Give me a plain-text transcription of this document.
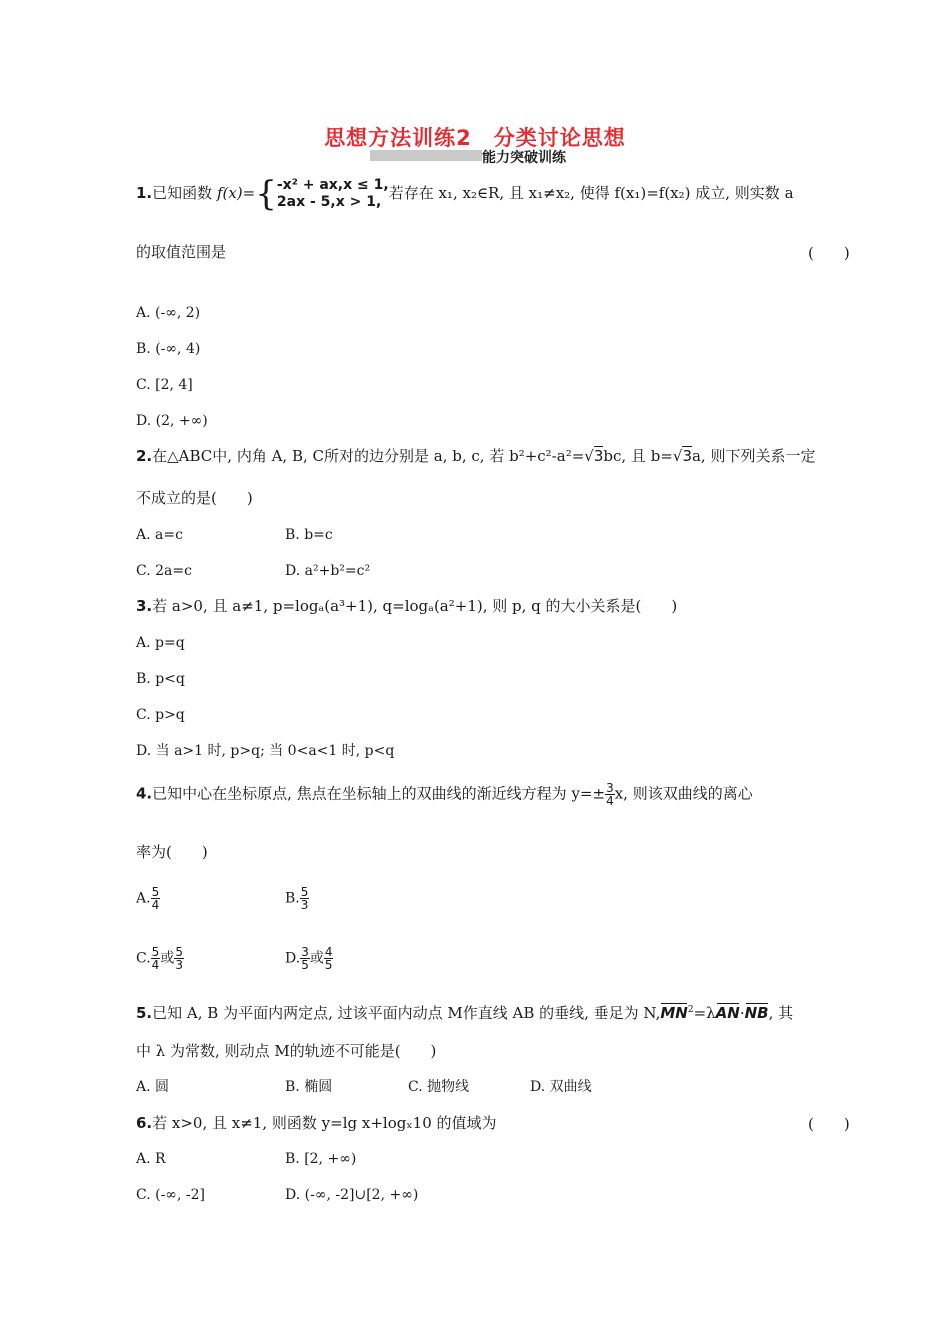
思想方法训练2　分类讨论思想
能力突破训练
1.已知函数 f(x)={ -x² + ax,x ≤ 1,
2ax - 5,x > 1, 若存在 x₁, x₂∈R, 且 x₁≠x₂, 使得 f(x₁)=f(x₂) 成立, 则实数 a
的取值范围是	(　　)
A. (-∞, 2)
B. (-∞, 4)
C. [2, 4]
D. (2, +∞)
2.在△ABC中, 内角 A, B, C所对的边分别是 a, b, c, 若 b²+c²-a²=√3bc, 且 b=√3a, 则下列关系一定
不成立的是(　　)
A. a=c	B. b=c
C. 2a=c	D. a²+b²=c²
3.若 a>0, 且 a≠1, p=logₐ(a³+1), q=logₐ(a²+1), 则 p, q 的大小关系是(　　)
A. p=q
B. p<q
C. p>q
D. 当 a>1 时, p>q; 当 0<a<1 时, p<q
4.已知中心在坐标原点, 焦点在坐标轴上的双曲线的渐近线方程为 $y=\pm \frac{3}{4} x$, 则该双曲线的离心
率为(　　)
A. $\frac{5}{4}$	B. $\frac{5}{3}$
C. $\frac{5}{4}$ 或 $\frac{5}{3}$	D. $\frac{3}{5}$ 或 $\frac{4}{5}$
5.已知 A, B 为平面内两定点, 过该平面内动点 M作直线 AB 的垂线, 垂足为 $N,MN^2=\lambda AN\cdot NB$, 其
中 λ 为常数, 则动点 M的轨迹不可能是(　　)
A. 圆	B. 椭圆	C. 抛物线	D. 双曲线
6.若 x>0, 且 x≠1, 则函数 y=lg x+logₓ10 的值域为	(　　)
A. R	B. [2, +∞)
C. (-∞, -2]	D. (-∞, -2]∪[2, +∞)
